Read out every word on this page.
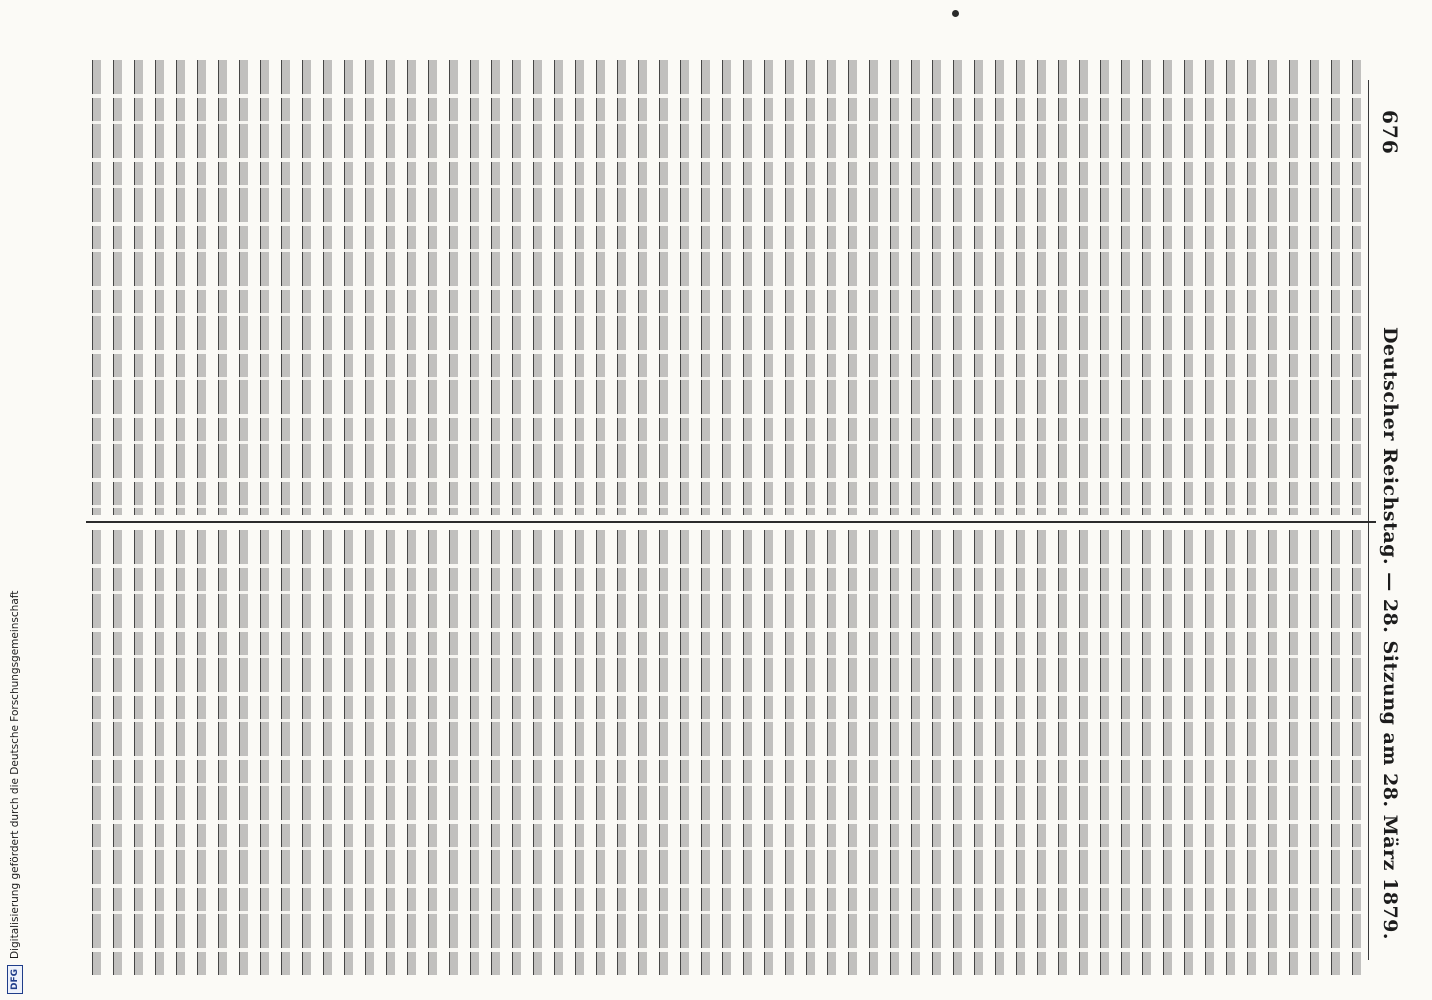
676
Deutscher Reichstag. — 28. Sitzung am 28. März 1879.
DFG
Digitalisierung gefördert durch die Deutsche Forschungsgemeinschaft
